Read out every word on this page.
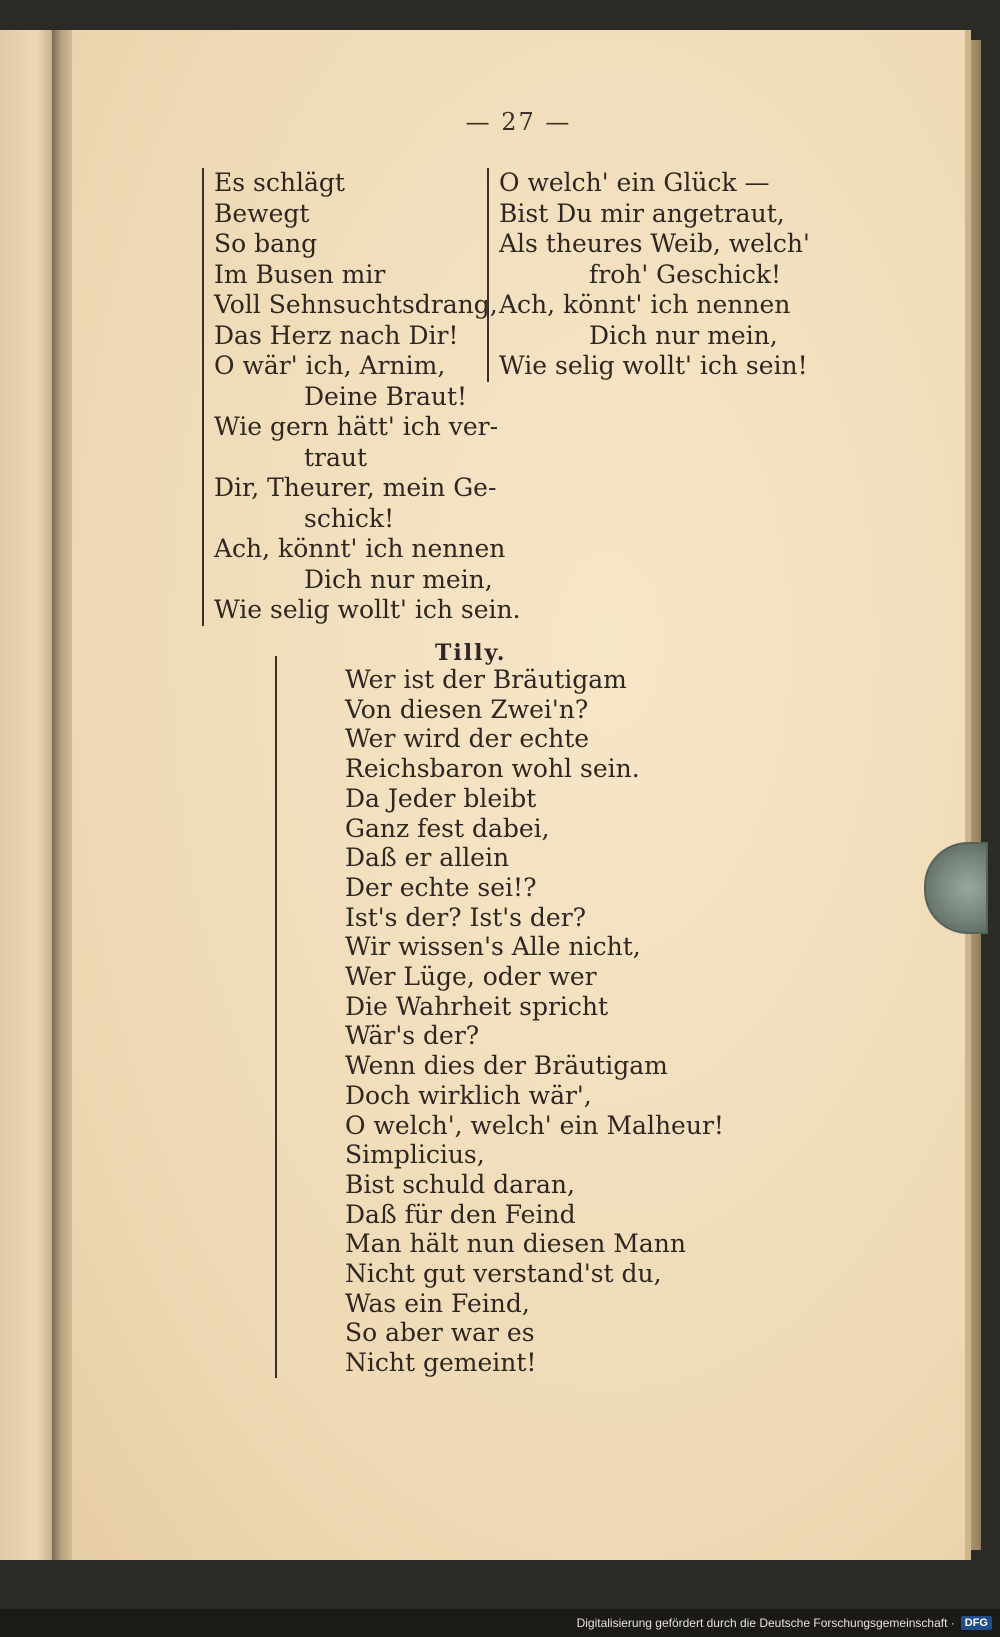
— 27 —
Es schlägt
Bewegt
So bang
Im Busen mir
Voll Sehnsuchtsdrang,
Das Herz nach Dir!
O wär' ich, Arnim,
Deine Braut!
Wie gern hätt' ich ver-
traut
Dir, Theurer, mein Ge-
schick!
Ach, könnt' ich nennen
Dich nur mein,
Wie selig wollt' ich sein.
O welch' ein Glück —
Bist Du mir angetraut,
Als theures Weib, welch'
froh' Geschick!
Ach, könnt' ich nennen
Dich nur mein,
Wie selig wollt' ich sein!
Tilly.
Wer ist der Bräutigam
Von diesen Zwei'n?
Wer wird der echte
Reichsbaron wohl sein.
Da Jeder bleibt
Ganz fest dabei,
Daß er allein
Der echte sei!?
Ist's der? Ist's der?
Wir wissen's Alle nicht,
Wer Lüge, oder wer
Die Wahrheit spricht
Wär's der?
Wenn dies der Bräutigam
Doch wirklich wär',
O welch', welch' ein Malheur!
Simplicius,
Bist schuld daran,
Daß für den Feind
Man hält nun diesen Mann
Nicht gut verstand'st du,
Was ein Feind,
So aber war es
Nicht gemeint!
Digitalisierung gefördert durch die Deutsche Forschungsgemeinschaft · DFG
